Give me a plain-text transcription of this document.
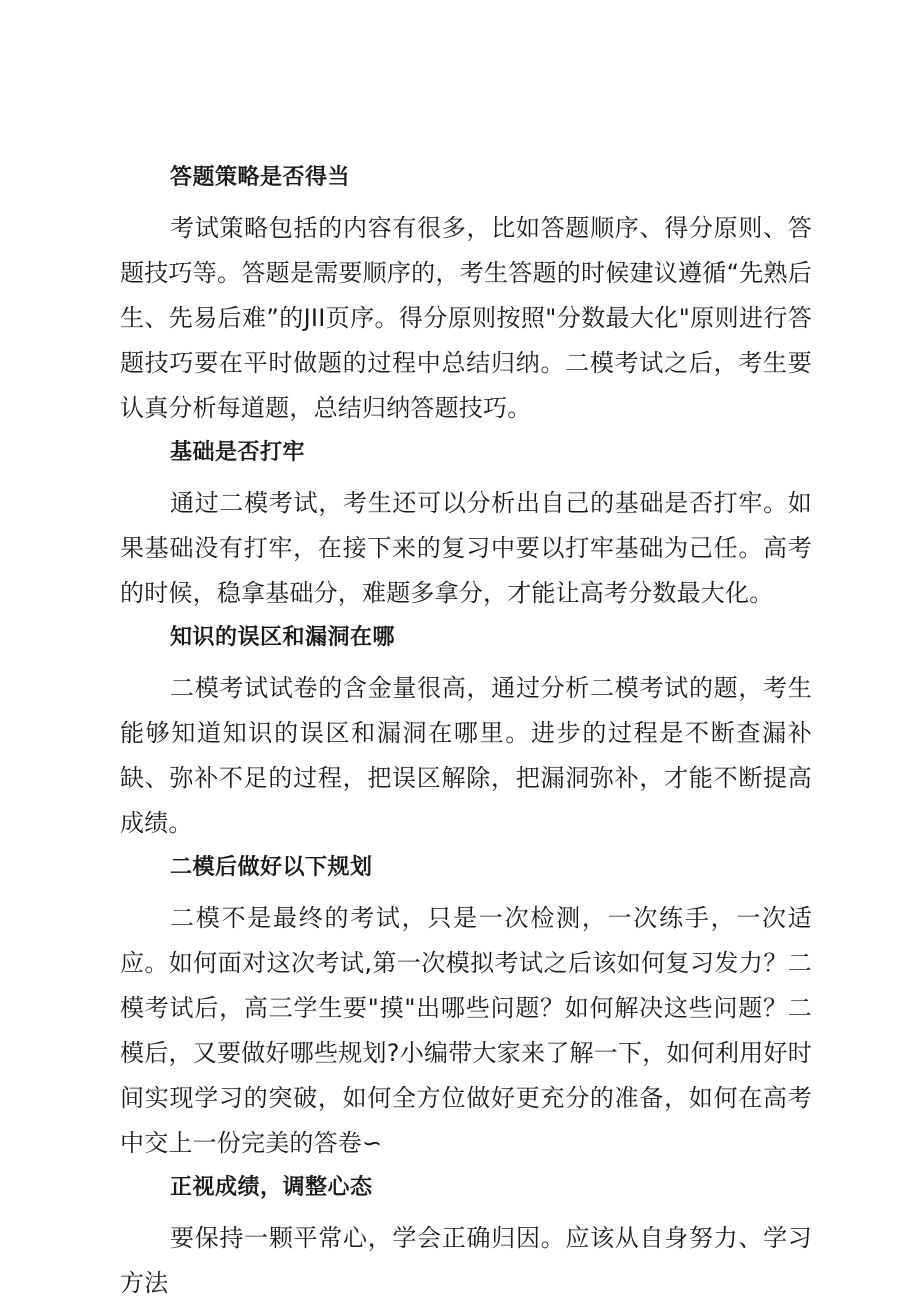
答题策略是否得当

考试策略包括的内容有很多，比如答题顺序、得分原则、答题技巧等。答题是需要顺序的，考生答题的时候建议遵循“先熟后生、先易后难”的JII页序。得分原则按照"分数最大化"原则进行答题技巧要在平时做题的过程中总结归纳。二模考试之后，考生要认真分析每道题，总结归纳答题技巧。

基础是否打牢

通过二模考试，考生还可以分析出自己的基础是否打牢。如果基础没有打牢，在接下来的复习中要以打牢基础为己任。高考的时候，稳拿基础分，难题多拿分，才能让高考分数最大化。

知识的误区和漏洞在哪

二模考试试卷的含金量很高，通过分析二模考试的题，考生能够知道知识的误区和漏洞在哪里。进步的过程是不断查漏补缺、弥补不足的过程，把误区解除，把漏洞弥补，才能不断提高成绩。

二模后做好以下规划

二模不是最终的考试，只是一次检测，一次练手，一次适应。如何面对这次考试,第一次模拟考试之后该如何复习发力？二模考试后，高三学生要"摸"出哪些问题？如何解决这些问题？二模后，又要做好哪些规划?小编带大家来了解一下，如何利用好时间实现学习的突破，如何全方位做好更充分的准备，如何在高考中交上一份完美的答卷∽

正视成绩，调整心态

要保持一颗平常心，学会正确归因。应该从自身努力、学习方法
